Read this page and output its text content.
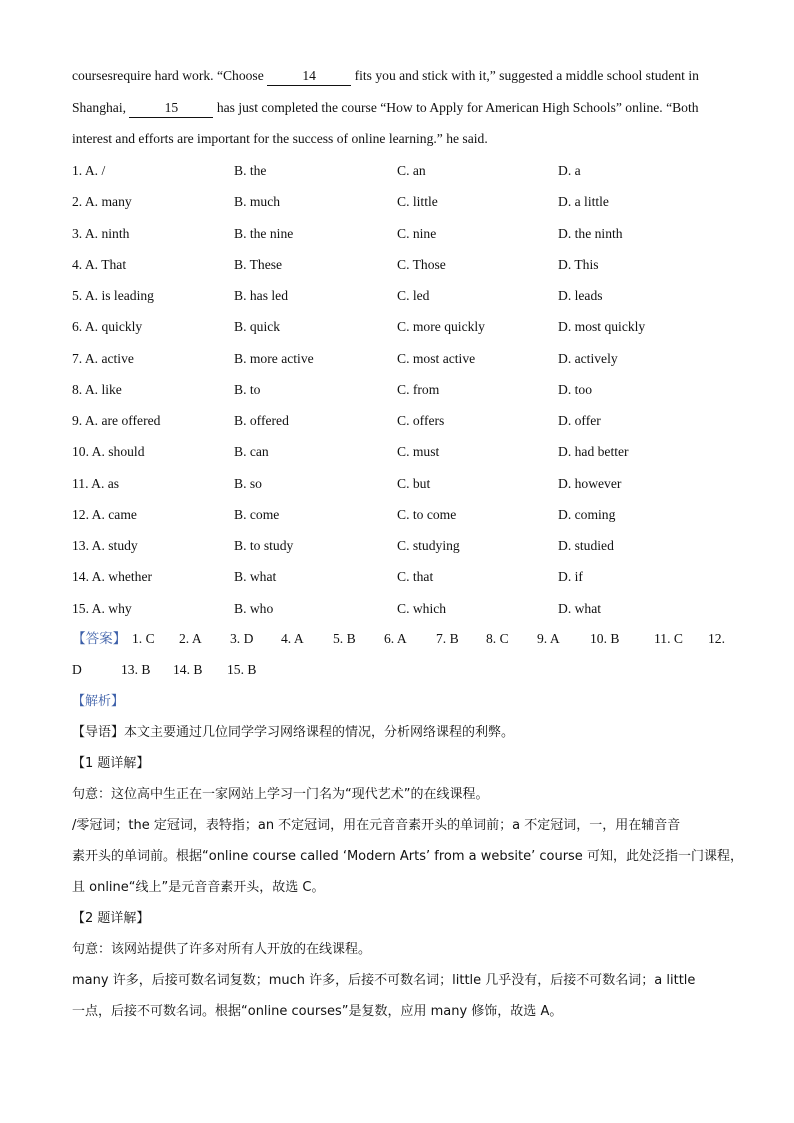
coursesrequire hard work. “Choose	14	fits you and stick with it,” suggested a middle school student in

Shanghai,	15	has just completed the course “How to Apply for American High Schools” online. “Both

interest and efforts are important for the success of online learning.” he said.

1. A. /	B. the	C. an	D. a
2. A. many	B. much	C. little	D. a little
3. A. ninth	B. the nine	C. nine	D. the ninth
4. A. That	B. These	C. Those	D. This
5. A. is leading	B. has led	C. led	D. leads
6. A. quickly	B. quick	C. more quickly	D. most quickly
7. A. active	B. more active	C. most active	D. actively
8. A. like	B. to	C. from	D. too
9. A. are offered	B. offered	C. offers	D. offer
10. A. should	B. can	C. must	D. had better
11. A. as	B. so	C. but	D. however
12. A. came	B. come	C. to come	D. coming
13. A. study	B. to study	C. studying	D. studied
14. A. whether	B. what	C. that	D. if
15. A. why	B. who	C. which	D. what
【答案】 1. C 2. A 3. D 4. A 5. B 6. A 7. B 8. C 9. A 10. B	11. C 12.
D	13. B 14. B 15. B

【解析】

【导语】本文主要通过几位同学学习网络课程的情况，分析网络课程的利弊。

【1 题详解】

句意：这位高中生正在一家网站上学习一门名为“现代艺术”的在线课程。

/零冠词；the 定冠词，表特指；an 不定冠词，用在元音音素开头的单词前；a 不定冠词，一，用在辅音音

素开头的单词前。根据“online course called ‘Modern Arts’ from a website’ course 可知，此处泛指一门课程，

且 online“线上”是元音音素开头，故选 C。

【2 题详解】

句意：该网站提供了许多对所有人开放的在线课程。

many 许多，后接可数名词复数；much 许多，后接不可数名词；little 几乎没有，后接不可数名词；a little

一点，后接不可数名词。根据“online courses”是复数，应用 many 修饰，故选 A。
